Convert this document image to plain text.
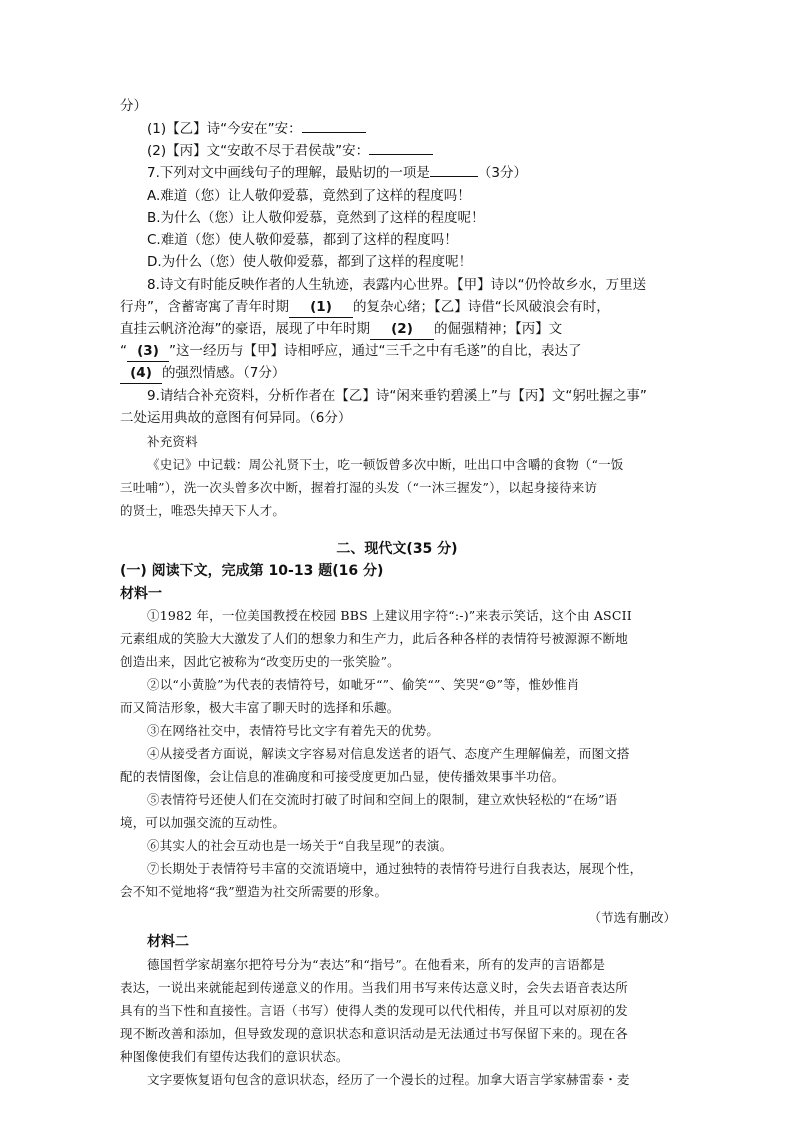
分）
(1)【乙】诗“今安在”安：
(2)【丙】文“安敢不尽于君侯哉”安：
7.下列对文中画线句子的理解，最贴切的一项是	（3分）
A.难道（您）让人敬仰爱慕，竟然到了这样的程度吗！
B.为什么（您）让人敬仰爱慕，竟然到了这样的程度呢！
C.难道（您）使人敬仰爱慕，都到了这样的程度吗！
D.为什么（您）使人敬仰爱慕，都到了这样的程度呢！
8.诗文有时能反映作者的人生轨迹，表露内心世界。【甲】诗以“仍怜故乡水，万里送
行舟”，含蓄寄寓了青年时期 (1) 的复杂心绪；【乙】诗借“长风破浪会有时，
直挂云帆济沧海”的豪语，展现了中年时期 (2) 的倔强精神；【丙】文
“ (3) ”这一经历与【甲】诗相呼应，通过“三千之中有毛遂”的自比，表达了
(4) 的强烈情感。（7分）
9.请结合补充资料，分析作者在【乙】诗“闲来垂钓碧溪上”与【丙】文“躬吐握之事”
二处运用典故的意图有何异同。（6分）
补充资料
《史记》中记载：周公礼贤下士，吃一顿饭曾多次中断，吐出口中含嚼的食物（“一饭
三吐哺”），洗一次头曾多次中断，握着打湿的头发（“一沐三握发”），以起身接待来访
的贤士，唯恐失掉天下人才。
二、现代文(35 分)
(一) 阅读下文，完成第 10-13 题(16 分)
材料一
①1982 年，一位美国教授在校园 BBS 上建议用字符“:-)”来表示笑话，这个由 ASCII
元素组成的笑脸大大激发了人们的想象力和生产力，此后各种各样的表情符号被源源不断地
创造出来，因此它被称为“改变历史的一张笑脸”。
②以“小黄脸”为代表的表情符号，如呲牙“”、偷笑“”、笑哭“☺”等，惟妙惟肖
而又简洁形象，极大丰富了聊天时的选择和乐趣。
③在网络社交中，表情符号比文字有着先天的优势。
④从接受者方面说，解读文字容易对信息发送者的语气、态度产生理解偏差，而图文搭
配的表情图像，会让信息的准确度和可接受度更加凸显，使传播效果事半功倍。
⑤表情符号还使人们在交流时打破了时间和空间上的限制，建立欢快轻松的“在场”语
境，可以加强交流的互动性。
⑥其实人的社会互动也是一场关于“自我呈现”的表演。
⑦长期处于表情符号丰富的交流语境中，通过独特的表情符号进行自我表达，展现个性，
会不知不觉地将“我”塑造为社交所需要的形象。
（节选有删改）
材料二
德国哲学家胡塞尔把符号分为“表达”和“指号”。在他看来，所有的发声的言语都是
表达，一说出来就能起到传递意义的作用。当我们用书写来传达意义时，会失去语音表达所
具有的当下性和直接性。言语（书写）使得人类的发现可以代代相传，并且可以对原初的发
现不断改善和添加，但导致发现的意识状态和意识活动是无法通过书写保留下来的。现在各
种图像使我们有望传达我们的意识状态。
文字要恢复语句包含的意识状态，经历了一个漫长的过程。加拿大语言学家赫雷泰・麦
